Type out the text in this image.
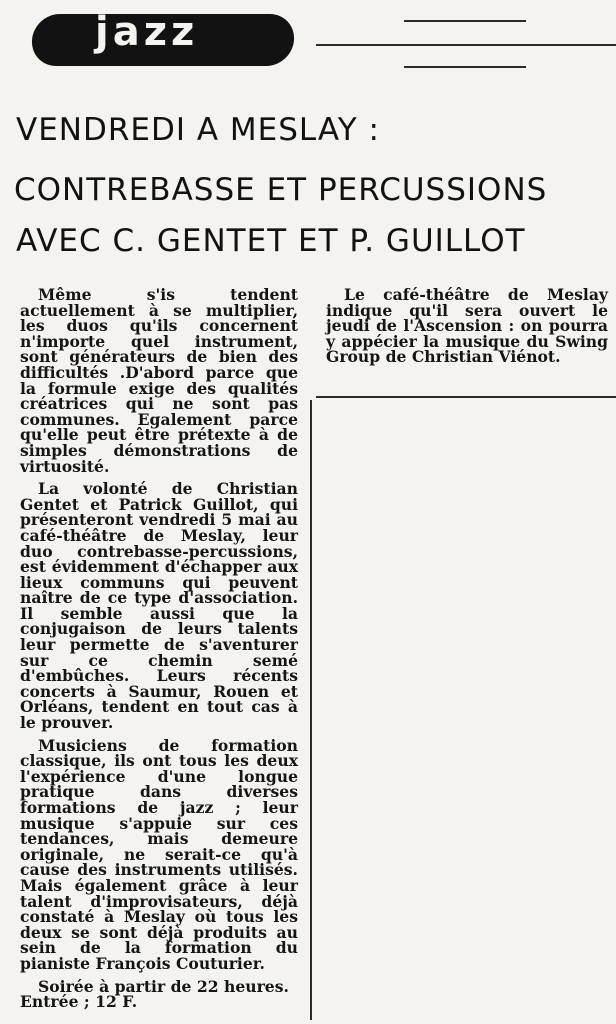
jazz
VENDREDI A MESLAY :
CONTREBASSE ET PERCUSSIONS
AVEC C. GENTET ET P. GUILLOT

Même s'is tendent actuellement à se multiplier, les duos qu'ils concernent n'importe quel instrument, sont générateurs de bien des difficultés .D'abord parce que la formule exige des qualités créatrices qui ne sont pas communes. Egalement parce qu'elle peut être prétexte à de simples démonstrations de virtuosité.

La volonté de Christian Gentet et Patrick Guillot, qui présenteront vendredi 5 mai au café-théâtre de Meslay, leur duo contrebasse-percussions, est évidemment d'échapper aux lieux communs qui peuvent naître de ce type d'association. Il semble aussi que la conjugaison de leurs talents leur permette de s'aventurer sur ce chemin semé d'embûches. Leurs récents concerts à Saumur, Rouen et Orléans, tendent en tout cas à le prouver.

Musiciens de formation classique, ils ont tous les deux l'expérience d'une longue pratique dans diverses formations de jazz ; leur musique s'appuie sur ces tendances, mais demeure originale, ne serait-ce qu'à cause des instruments utilisés. Mais également grâce à leur talent d'improvisateurs, déjà constaté à Meslay où tous les deux se sont déjà produits au sein de la formation du pianiste François Couturier.

Soirée à partir de 22 heures. Entrée ; 12 F.

Le café-théâtre de Meslay indique qu'il sera ouvert le jeudi de l'Ascension : on pourra y appécier la musique du Swing Group de Christian Viénot.
